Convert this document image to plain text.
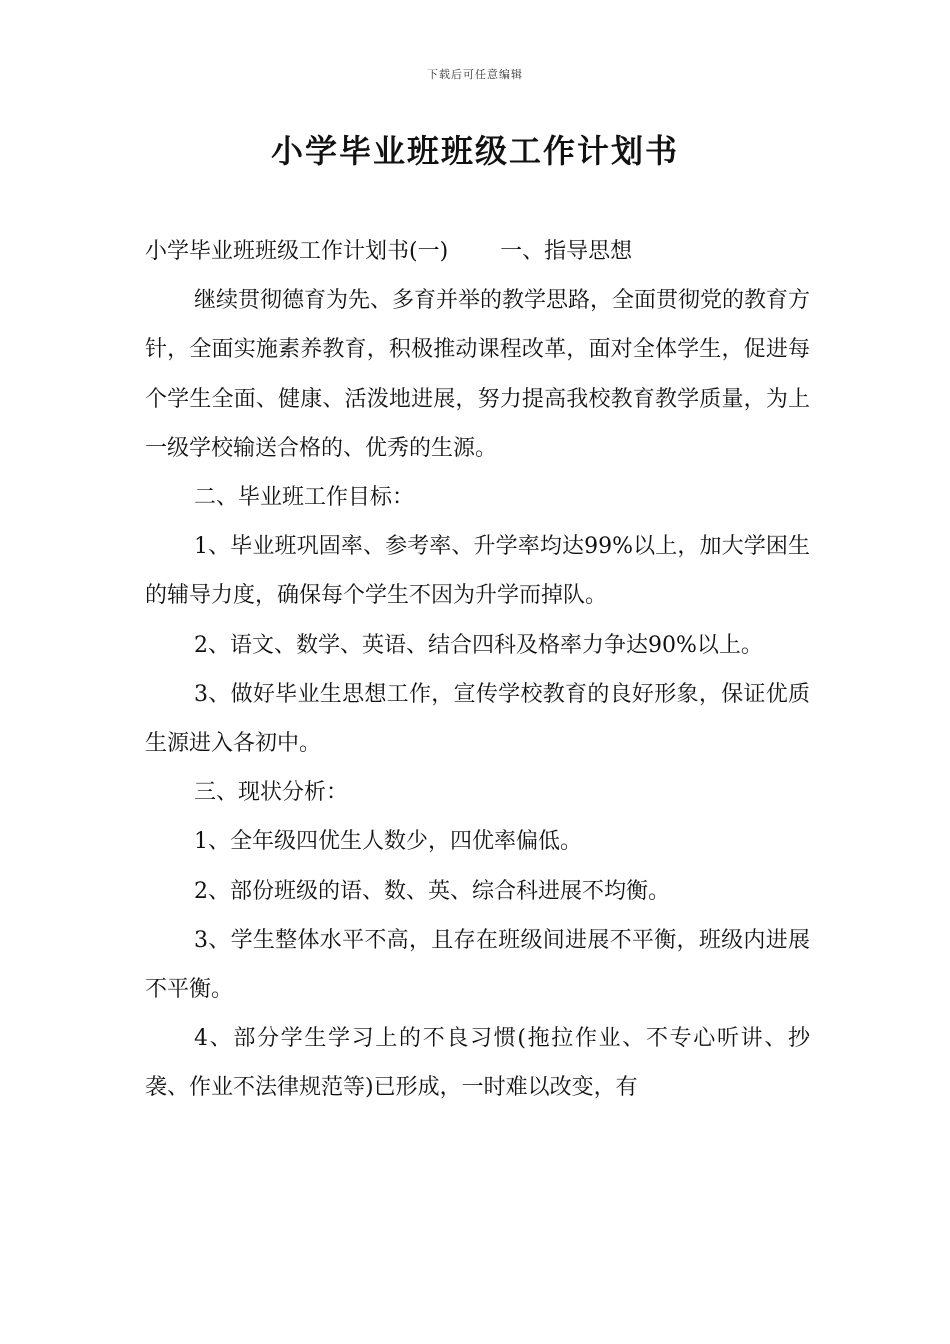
下载后可任意编辑
小学毕业班班级工作计划书

小学毕业班班级工作计划书(一) 一、指导思想

继续贯彻德育为先、多育并举的教学思路，全面贯彻党的教育方针，全面实施素养教育，积极推动课程改革，面对全体学生，促进每个学生全面、健康、活泼地进展，努力提高我校教育教学质量，为上一级学校输送合格的、优秀的生源。

二、毕业班工作目标：

1、毕业班巩固率、参考率、升学率均达99%以上，加大学困生的辅导力度，确保每个学生不因为升学而掉队。

2、语文、数学、英语、结合四科及格率力争达90%以上。

3、做好毕业生思想工作，宣传学校教育的良好形象，保证优质生源进入各初中。

三、现状分析：

1、全年级四优生人数少，四优率偏低。

2、部份班级的语、数、英、综合科进展不均衡。

3、学生整体水平不高，且存在班级间进展不平衡，班级内进展不平衡。

4、部分学生学习上的不良习惯(拖拉作业、不专心听讲、抄袭、作业不法律规范等)已形成，一时难以改变，有
